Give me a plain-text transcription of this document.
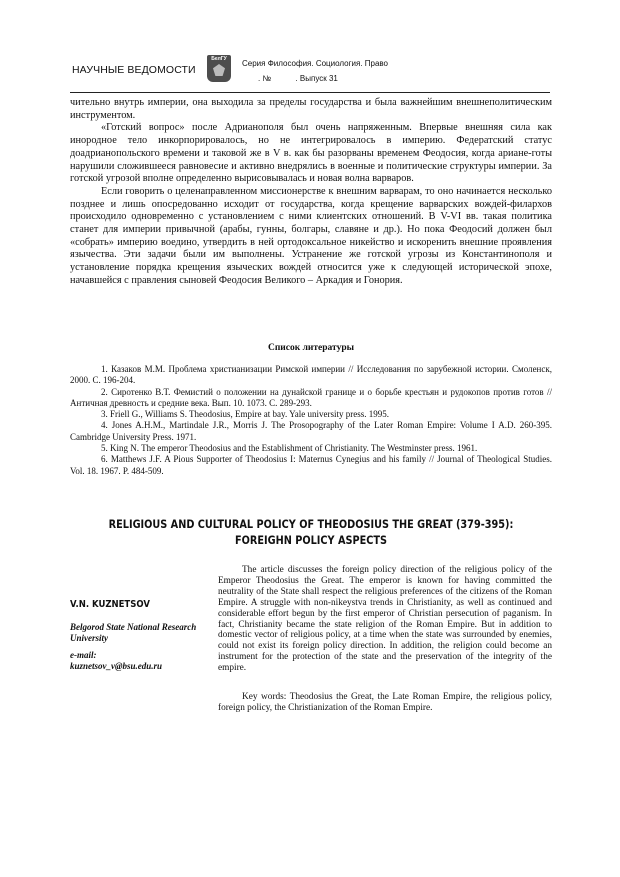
НАУЧНЫЕ ВЕДОМОСТИ
БелГУ	Серия Философия. Социология. Право
. №           . Выпуск 31

чительно внутрь империи, она выходила за пределы государства и была важнейшим внешнеполитическим инструментом.

«Готский вопрос» после Адрианополя был очень напряженным. Впервые внешняя сила как инородное тело инкорпорировалось, но не интегрировалось в империю. Федератский статус доадрианопольского времени и таковой же в V в. как бы разорваны временем Феодосия, когда ариане-готы нарушили сложившееся равновесие и активно внедрялись в военные и политические структуры империи. За готской угрозой вполне определенно вырисовывалась и новая волна варваров.

Если говорить о целенаправленном миссионерстве к внешним варварам, то оно начинается несколько позднее и лишь опосредованно исходит от государства, когда крещение варварских вождей-филархов происходило одновременно с установлением с ними клиентских отношений. В V-VI вв. такая политика станет для империи привычной (арабы, гунны, болгары, славяне и др.). Но пока Феодосий должен был «собрать» империю воедино, утвердить в ней ортодоксальное никейство и искоренить внешние проявления язычества. Эти задачи были им выполнены. Устранение же готской угрозы из Константинополя и установление порядка крещения языческих вождей относится уже к следующей исторической эпохе, начавшейся с правления сыновей Феодосия Великого – Аркадия и Гонория.

Список литературы

1. Казаков М.М. Проблема христианизации Римской империи // Исследования по зарубежной истории. Смоленск, 2000. С. 196-204.

2. Сиротенко В.Т. Фемистий о положении на дунайской границе и о борьбе крестьян и рудокопов против готов // Античная древность и средние века. Вып. 10. 1073. С. 289-293.

3. Friell G., Williams S. Theodosius, Empire at bay. Yale university press. 1995.

4. Jones A.H.M., Martindale J.R., Morris J. The Prosopography of the Later Roman Empire: Volume I A.D. 260-395. Cambridge University Press. 1971.

5. King N. The emperor Theodosius and the Establishment of Christianity. The Westminster press. 1961.

6. Matthews J.F. A Pious Supporter of Theodosius I: Maternus Cynegius and his family // Journal of Theological Studies. Vol. 18. 1967. P. 484-509.

RELIGIOUS AND CULTURAL POLICY OF THEODOSIUS THE GREAT (379-395):
FOREIGHN POLICY ASPECTS
V.N. KUZNETSOV
Belgorod State National Research University
e-mail: kuznetsov_v@bsu.edu.ru

The article discusses the foreign policy direction of the religious policy of the Emperor Theodosius the Great. The emperor is known for having committed the neutrality of the State shall respect the religious preferences of the citizens of the Roman Empire. A struggle with non-nikeystva trends in Christianity, as well as continued and considerable effort begun by the first emperor of Christian persecution of paganism. In fact, Christianity became the state religion of the Roman Empire. But in addition to domestic vector of religious policy, at a time when the state was surrounded by enemies, could not exist its foreign policy direction. In addition, the religion could become an instrument for the protection of the state and the preservation of the integrity of the empire.

Key words: Theodosius the Great, the Late Roman Empire, the religious policy, foreign policy, the Christianization of the Roman Empire.
